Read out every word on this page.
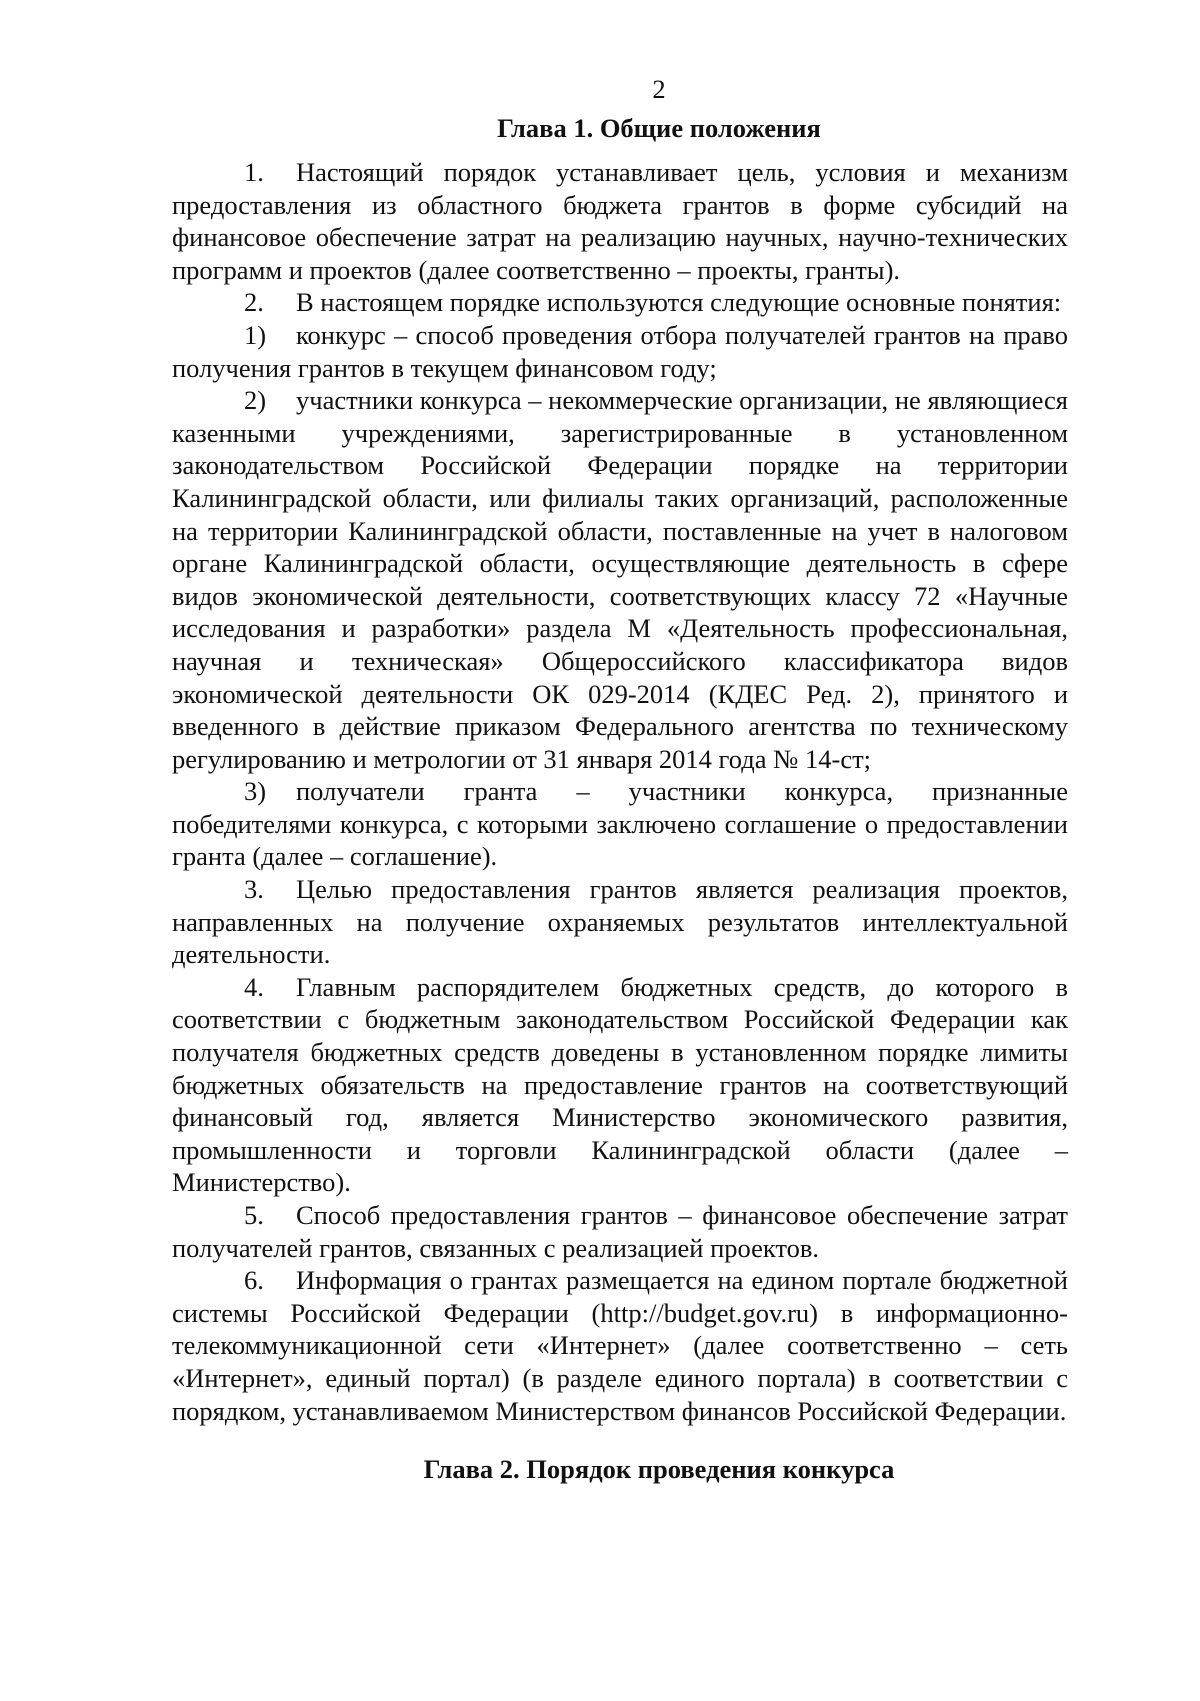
2
Глава 1. Общие положения

1. Настоящий порядок устанавливает цель, условия и механизм предоставления из областного бюджета грантов в форме субсидий на финансовое обеспечение затрат на реализацию научных, научно-технических программ и проектов (далее соответственно – проекты, гранты).

2. В настоящем порядке используются следующие основные понятия:

1) конкурс – способ проведения отбора получателей грантов на право получения грантов в текущем финансовом году;

2) участники конкурса – некоммерческие организации, не являющиеся казенными учреждениями, зарегистрированные в установленном законодательством Российской Федерации порядке на территории Калининградской области, или филиалы таких организаций, расположенные на территории Калининградской области, поставленные на учет в налоговом органе Калининградской области, осуществляющие деятельность в сфере видов экономической деятельности, соответствующих классу 72 «Научные исследования и разработки» раздела М «Деятельность профессиональная, научная и техническая» Общероссийского классификатора видов экономической деятельности ОК 029-2014 (КДЕС Ред. 2), принятого и введенного в действие приказом Федерального агентства по техническому регулированию и метрологии от 31 января 2014 года № 14-ст;

3) получатели гранта – участники конкурса, признанные победителями конкурса, с которыми заключено соглашение о предоставлении гранта (далее – соглашение).

3. Целью предоставления грантов является реализация проектов, направленных на получение охраняемых результатов интеллектуальной деятельности.

4. Главным распорядителем бюджетных средств, до которого в соответствии с бюджетным законодательством Российской Федерации как получателя бюджетных средств доведены в установленном порядке лимиты бюджетных обязательств на предоставление грантов на соответствующий финансовый год, является Министерство экономического развития, промышленности и торговли Калининградской области (далее – Министерство).

5. Способ предоставления грантов – финансовое обеспечение затрат получателей грантов, связанных с реализацией проектов.

6. Информация о грантах размещается на едином портале бюджетной системы Российской Федерации (http://budget.gov.ru) в информационно-телекоммуникационной сети «Интернет» (далее соответственно – сеть «Интернет», единый портал) (в разделе единого портала) в соответствии с порядком, устанавливаемом Министерством финансов Российской Федерации.

Глава 2. Порядок проведения конкурса
